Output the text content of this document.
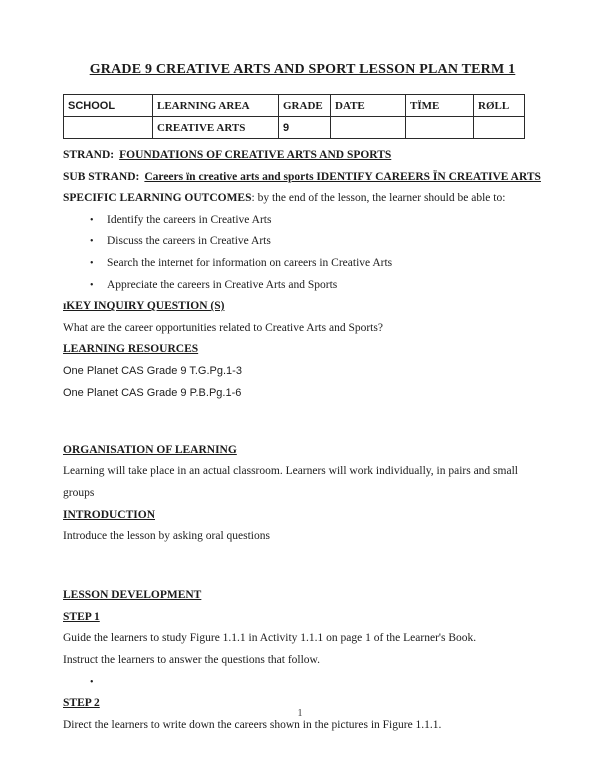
GRADE 9 CREATIVE ARTS AND SPORT LESSON PLAN TERM 1
SCHOOL	LEARNING AREA	GRADE	DATE	TΪME	RØLL
	CREATIVE ARTS	9			
STRAND: FOUNDATIONS OF CREATIVE ARTS AND SPORTS
SUB STRAND: Careers ïn creative arts and sports IDENTIFY CAREERS ΪN CREATIVE ARTS
SPECIFIC LEARNING OUTCOMES: by the end of the lesson, the learner should be able to:
• Identify the careers in Creative Arts
• Discuss the careers in Creative Arts
• Search the internet for information on careers in Creative Arts
• Appreciate the careers in Creative Arts and Sports
ɪKEY INQUIRY QUESTION (S)
What are the career opportunities related to Creative Arts and Sports?
LEARNING RESOURCES
One Planet CAS Grade 9 T.G.Pg.1-3
One Planet CAS Grade 9 P.B.Pg.1-6

ORGANISATION OF LEARNING
Learning will take place in an actual classroom. Learners will work individually, in pairs and small groups
INTRODUCTION
Introduce the lesson by asking oral questions

LESSON DEVELOPMENT
STEP 1
Guide the learners to study Figure 1.1.1 in Activity 1.1.1 on page 1 of the Learner's Book.
Instruct the learners to answer the questions that follow.
•
STEP 2
Direct the learners to write down the careers shown in the pictures in Figure 1.1.1.
1
